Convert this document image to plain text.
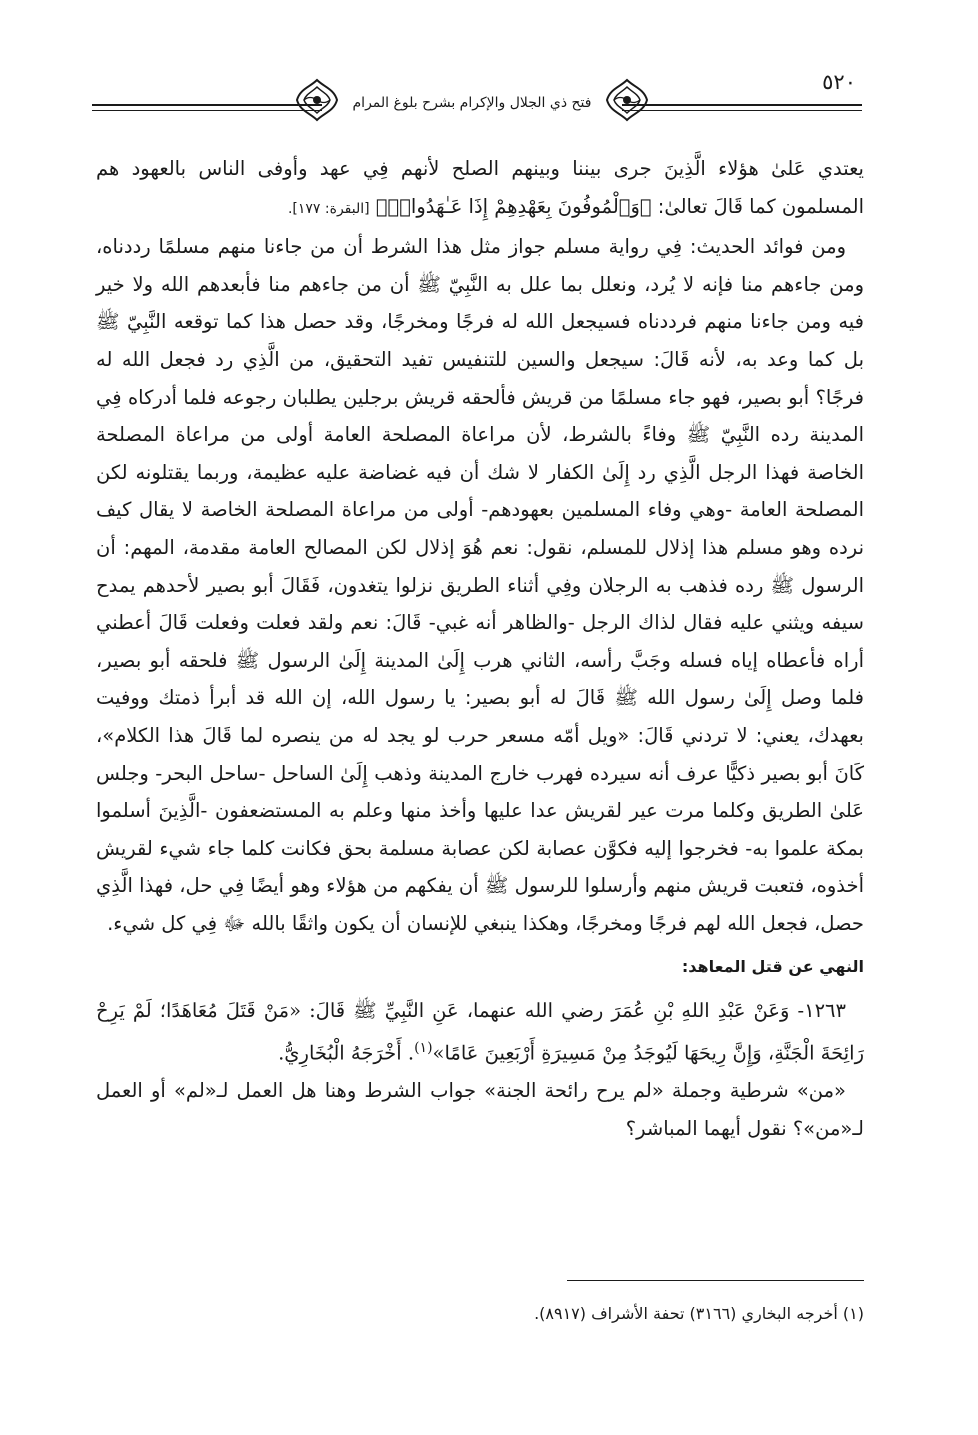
٥٢٠
فتح ذي الجلال والإكرام بشرح بلوغ المرام

يعتدي عَلىٰ هؤلاء الَّذِينَ جرى بيننا وبينهم الصلح لأنهم فِي عهد وأوفى الناس بالعهود هم المسلمون كما قَالَ تعالىٰ: ﴿وَٱلْمُوفُونَ بِعَهْدِهِمْ إِذَا عَـٰهَدُوا۟ۖ﴾ [البقرة: ١٧٧].

ومن فوائد الحديث: فِي رواية مسلم جواز مثل هذا الشرط أن من جاءنا منهم مسلمًا رددناه، ومن جاءهم منا فإنه لا يُرد، ونعلل بما علل به النَّبِيّ ﷺ أن من جاءهم منا فأبعدهم الله ولا خير فيه ومن جاءنا منهم فرددناه فسيجعل الله له فرجًا ومخرجًا، وقد حصل هذا كما توقعه النَّبِيّ ﷺ بل كما وعد به، لأنه قَالَ: سيجعل والسين للتنفيس تفيد التحقيق، من الَّذِي رد فجعل الله له فرجًا؟ أبو بصير، فهو جاء مسلمًا من قريش فألحقه قريش برجلين يطلبان رجوعه فلما أدركاه فِي المدينة رده النَّبِيّ ﷺ وفاءً بالشرط، لأن مراعاة المصلحة العامة أولى من مراعاة المصلحة الخاصة فهذا الرجل الَّذِي رد إِلَىٰ الكفار لا شك أن فيه غضاضة عليه عظيمة، وربما يقتلونه لكن المصلحة العامة -وهي وفاء المسلمين بعهودهم- أولى من مراعاة المصلحة الخاصة لا يقال كيف نرده وهو مسلم هذا إذلال للمسلم، نقول: نعم هُوَ إذلال لكن المصالح العامة مقدمة، المهم: أن الرسول ﷺ رده فذهب به الرجلان وفِي أثناء الطريق نزلوا يتغدون، فَقَالَ أبو بصير لأحدهم يمدح سيفه ويثني عليه فقال لذاك الرجل -والظاهر أنه غبي- قَالَ: نعم ولقد فعلت وفعلت قَالَ أعطني أراه فأعطاه إياه فسله وجَبَّ رأسه، الثاني هرب إِلَىٰ المدينة إِلَىٰ الرسول ﷺ فلحقه أبو بصير، فلما وصل إِلَىٰ رسول الله ﷺ قَالَ له أبو بصير: يا رسول الله، إن الله قد أبرأ ذمتك ووفيت بعهدك، يعني: لا تردني قَالَ: «ويل أمّه مسعر حرب لو يجد له من ينصره لما قَالَ هذا الكلام»، كَانَ أبو بصير ذكيًّا عرف أنه سيرده فهرب خارج المدينة وذهب إِلَىٰ الساحل -ساحل البحر- وجلس عَلىٰ الطريق وكلما مرت عير لقريش عدا عليها وأخذ منها وعلم به المستضعفون -الَّذِينَ أسلموا بمكة علموا به- فخرجوا إليه فكوَّن عصابة لكن عصابة مسلمة بحق فكانت كلما جاء شيء لقريش أخذوه، فتعبت قريش منهم وأرسلوا للرسول ﷺ أن يفكهم من هؤلاء وهو أيضًا فِي حل، فهذا الَّذِي حصل، فجعل الله لهم فرجًا ومخرجًا، وهكذا ينبغي للإنسان أن يكون واثقًا بالله ﷻ فِي كل شيء.

النهي عن قتل المعاهد:

١٢٦٣- وَعَنْ عَبْدِ اللهِ بْنِ عُمَرَ رضي الله عنهما، عَنِ النَّبِيِّ ﷺ قَالَ: «مَنْ قَتَلَ مُعَاهَدًا؛ لَمْ يَرِحْ رَائِحَةَ الْجَنَّةِ، وَإِنَّ رِيحَهَا لَيُوجَدُ مِنْ مَسِيرَةِ أَرْبَعِينَ عَامًا»$^{(١)}$. أَخْرَجَهُ الْبُخَارِيُّ.

«من» شرطية وجملة «لم يرح رائحة الجنة» جواب الشرط وهنا هل العمل لـ«لم» أو العمل لـ«من»؟ نقول أيهما المباشر؟

(١) أخرجه البخاري (٣١٦٦) تحفة الأشراف (٨٩١٧).
